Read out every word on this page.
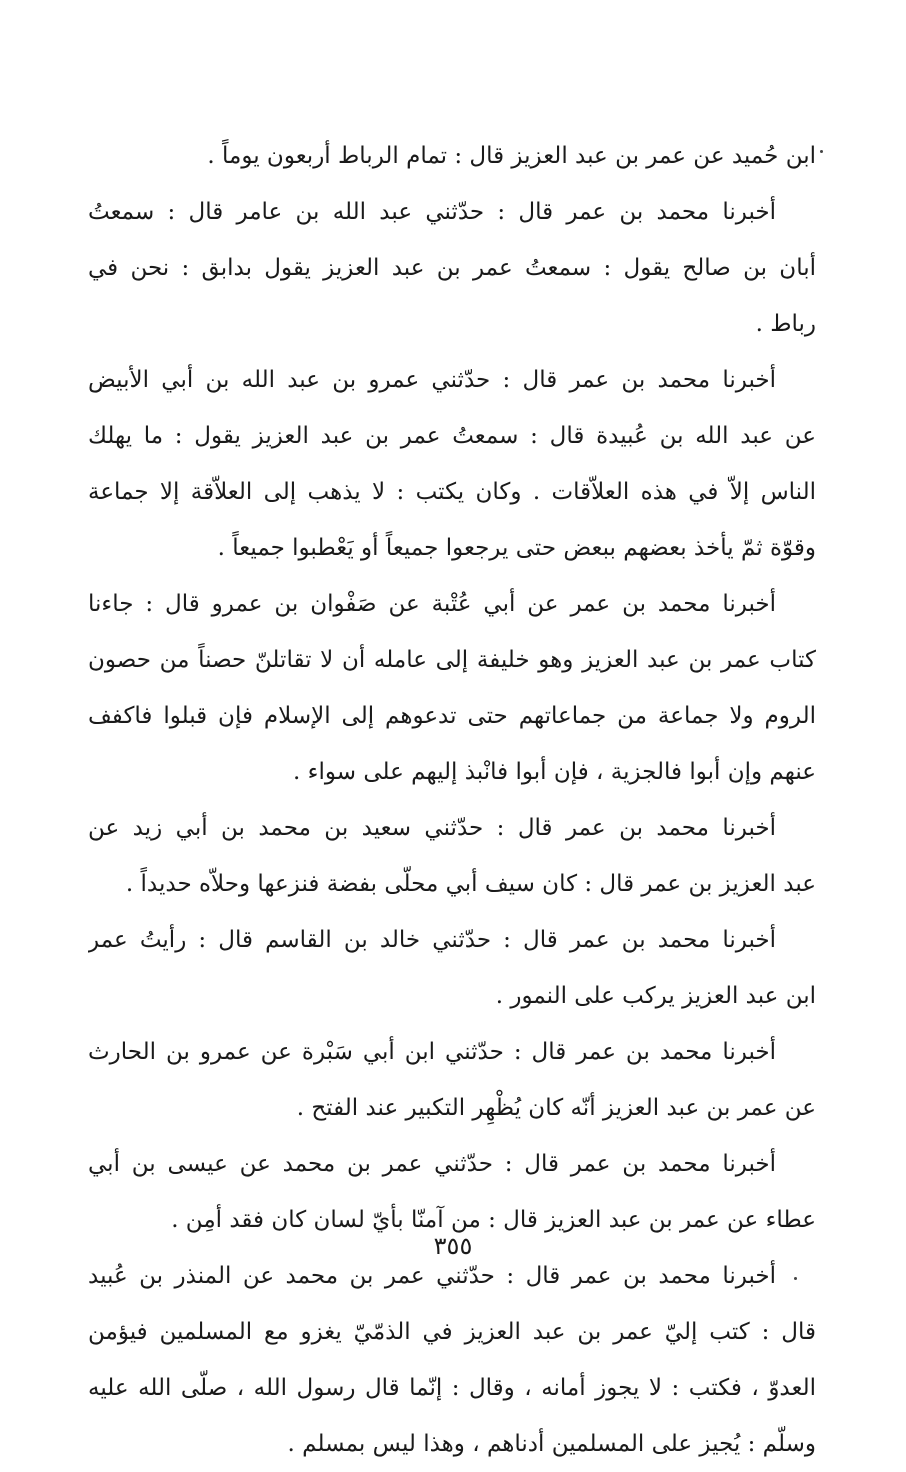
ابن حُميد عن عمر بن عبد العزيز قال : تمام الرباط أربعون يوماً .
أخبرنا محمد بن عمر قال : حدّثني عبد الله بن عامر قال : سمعتُ
أبان بن صالح يقول : سمعتُ عمر بن عبد العزيز يقول بدابق : نحن في
رباط .
أخبرنا محمد بن عمر قال : حدّثني عمرو بن عبد الله بن أبي الأبيض
عن عبد الله بن عُبيدة قال : سمعتُ عمر بن عبد العزيز يقول : ما يهلك
الناس إلاّ في هذه العلاّقات . وكان يكتب : لا يذهب إلى العلاّقة إلا جماعة
وقوّة ثمّ يأخذ بعضهم ببعض حتى يرجعوا جميعاً أو يَعْطبوا جميعاً .
أخبرنا محمد بن عمر عن أبي عُتْبة عن صَفْوان بن عمرو قال : جاءنا
كتاب عمر بن عبد العزيز وهو خليفة إلى عامله أن لا تقاتلنّ حصناً من حصون
الروم ولا جماعة من جماعاتهم حتى تدعوهم إلى الإسلام فإن قبلوا فاكفف
عنهم وإن أبوا فالجزية ، فإن أبوا فانْبذ إليهم على سواء .
أخبرنا محمد بن عمر قال : حدّثني سعيد بن محمد بن أبي زيد عن
عبد العزيز بن عمر قال : كان سيف أبي محلّى بفضة فنزعها وحلاّه حديداً .
أخبرنا محمد بن عمر قال : حدّثني خالد بن القاسم قال : رأيتُ عمر
ابن عبد العزيز يركب على النمور .
أخبرنا محمد بن عمر قال : حدّثني ابن أبي سَبْرة عن عمرو بن الحارث
عن عمر بن عبد العزيز أنّه كان يُظْهِر التكبير عند الفتح .
أخبرنا محمد بن عمر قال : حدّثني عمر بن محمد عن عيسى بن أبي
عطاء عن عمر بن عبد العزيز قال : من آمنّا بأيّ لسان كان فقد أمِن .
أخبرنا محمد بن عمر قال : حدّثني عمر بن محمد عن المنذر بن عُبيد
قال : كتب إليّ عمر بن عبد العزيز في الذمّيّ يغزو مع المسلمين فيؤمن
العدوّ ، فكتب : لا يجوز أمانه ، وقال : إنّما قال رسول الله ، صلّى الله عليه
وسلّم : يُجيز على المسلمين أدناهم ، وهذا ليس بمسلم .
٣٥٥
